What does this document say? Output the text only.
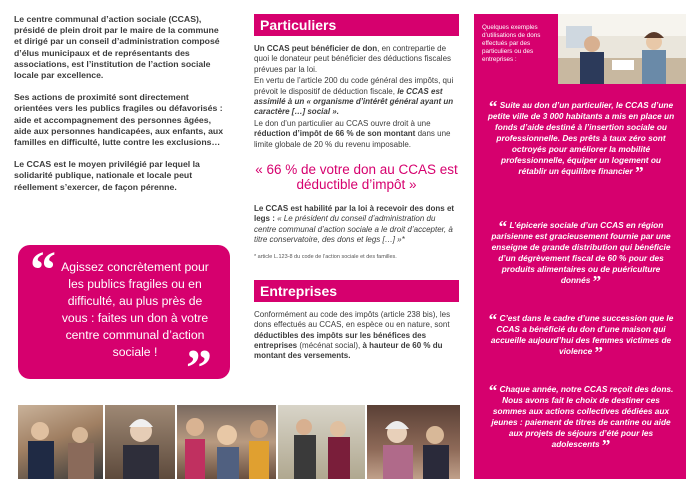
Le centre communal d’action sociale (CCAS), présidé de plein droit par le maire de la commune et dirigé par un conseil d’administration composé d’élus municipaux et de représentants des associations, est l’institution de l’action sociale locale par excellence.

Ses actions de proximité sont directement orientées vers les publics fragiles ou défavorisés : aide et accompagnement des personnes âgées, aide aux personnes handicapées, aux enfants, aux familles en difficulté, lutte contre les exclusions…

Le CCAS est le moyen privilégié par lequel la solidarité publique, nationale et locale peut réellement s’exercer, de façon pérenne.

“ Agissez concrètement pour les publics fragiles ou en difficulté, au plus près de vous : faites un don à votre centre communal d’action sociale ! ”
Particuliers

Un CCAS peut bénéficier de don, en contrepartie de quoi le donateur peut bénéficier des déductions fiscales prévues par la loi.

En vertu de l’article 200 du code général des impôts, qui prévoit le dispositif de déduction fiscale, le CCAS est assimilé à un « organisme d’intérêt général ayant un caractère […] social ».

Le don d’un particulier au CCAS ouvre droit à une réduction d’impôt de 66 % de son montant dans une limite globale de 20 % du revenu imposable.

« 66 % de votre don au CCAS est déductible d’impôt »

Le CCAS est habilité par la loi à recevoir des dons et legs : « Le président du conseil d’administration du centre communal d’action sociale a le droit d’accepter, à titre conservatoire, des dons et legs […] »*

* article L.123-8 du code de l’action sociale et des familles.
Entreprises

Conformément au code des impôts (article 238 bis), les dons effectués au CCAS, en espèce ou en nature, sont déductibles des impôts sur les bénéfices des entreprises (mécénat social), à hauteur de 60 % du montant des versements.

Quelques exemples d’utilisations de dons effectués par des particuliers ou des entreprises :
“ Suite au don d’un particulier, le CCAS d’une petite ville de 3 000 habitants a mis en place un fonds d’aide destiné à l’insertion sociale ou professionnelle. Des prêts à taux zéro sont octroyés pour améliorer la mobilité professionnelle, équiper un logement ou rétablir un équilibre financier ”
“ L’épicerie sociale d’un CCAS en région parisienne est gracieusement fournie par une enseigne de grande distribution qui bénéficie d’un dégrèvement fiscal de 60 % pour des produits alimentaires ou de puériculture donnés ”
“ C’est dans le cadre d’une succession que le CCAS a bénéficié du don d’une maison qui accueille aujourd’hui des femmes victimes de violence ”
“ Chaque année, notre CCAS reçoit des dons. Nous avons fait le choix de destiner ces sommes aux actions collectives dédiées aux jeunes : paiement de titres de cantine ou aide aux projets de séjours d’été pour les adolescents ”
